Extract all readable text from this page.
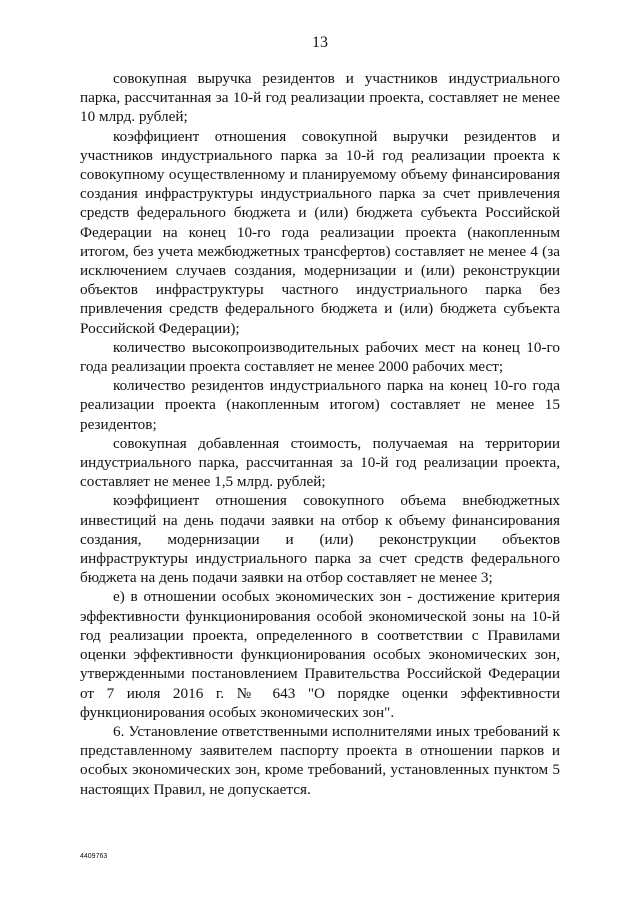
13

совокупная выручка резидентов и участников индустриального парка, рассчитанная за 10-й год реализации проекта, составляет не менее 10 млрд. рублей;

коэффициент отношения совокупной выручки резидентов и участников индустриального парка за 10-й год реализации проекта к совокупному осуществленному и планируемому объему финансирования создания инфраструктуры индустриального парка за счет привлечения средств федерального бюджета и (или) бюджета субъекта Российской Федерации на конец 10-го года реализации проекта (накопленным итогом, без учета межбюджетных трансфертов) составляет не менее 4 (за исключением случаев создания, модернизации и (или) реконструкции объектов инфраструктуры частного индустриального парка без привлечения средств федерального бюджета и (или) бюджета субъекта Российской Федерации);

количество высокопроизводительных рабочих мест на конец 10-го года реализации проекта составляет не менее 2000 рабочих мест;

количество резидентов индустриального парка на конец 10-го года реализации проекта (накопленным итогом) составляет не менее 15 резидентов;

совокупная добавленная стоимость, получаемая на территории индустриального парка, рассчитанная за 10-й год реализации проекта, составляет не менее 1,5 млрд. рублей;

коэффициент отношения совокупного объема внебюджетных инвестиций на день подачи заявки на отбор к объему финансирования создания, модернизации и (или) реконструкции объектов инфраструктуры индустриального парка за счет средств федерального бюджета на день подачи заявки на отбор составляет не менее 3;

е) в отношении особых экономических зон - достижение критерия эффективности функционирования особой экономической зоны на 10-й год реализации проекта, определенного в соответствии с Правилами оценки эффективности функционирования особых экономических зон, утвержденными постановлением Правительства Российской Федерации от 7 июля 2016 г. № 643 "О порядке оценки эффективности функционирования особых экономических зон".

6. Установление ответственными исполнителями иных требований к представленному заявителем паспорту проекта в отношении парков и особых экономических зон, кроме требований, установленных пунктом 5 настоящих Правил, не допускается.

4409763
